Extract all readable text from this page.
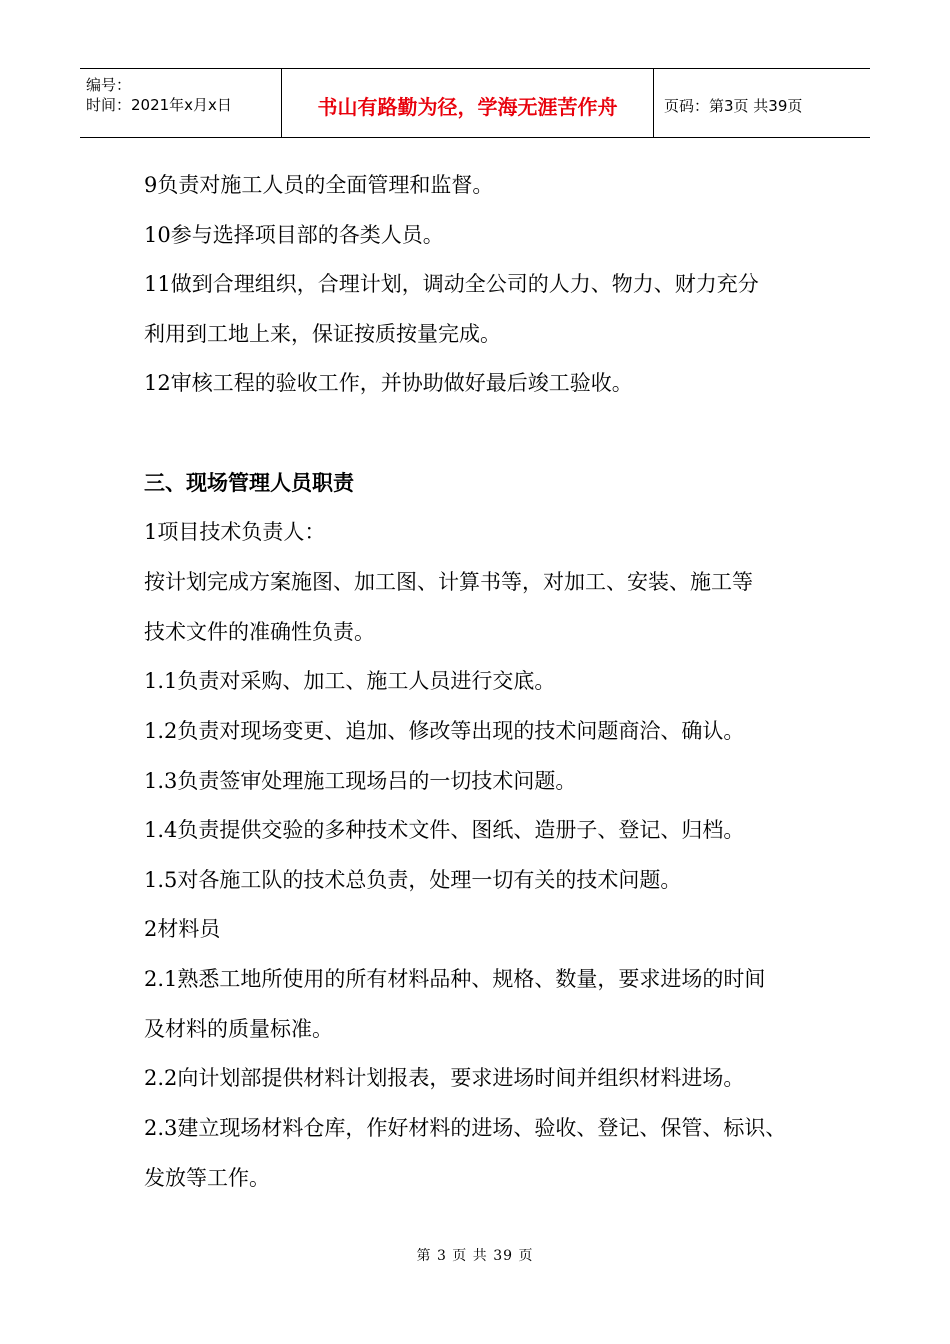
编号：
时间：2021年x月x日	书山有路勤为径，学海无涯苦作舟	页码：第3页 共39页
9负责对施工人员的全面管理和监督。
10参与选择项目部的各类人员。
11做到合理组织，合理计划，调动全公司的人力、物力、财力充分
利用到工地上来，保证按质按量完成。
12审核工程的验收工作，并协助做好最后竣工验收。
三、现场管理人员职责
1项目技术负责人：
按计划完成方案施图、加工图、计算书等，对加工、安装、施工等
技术文件的准确性负责。
1.1负责对采购、加工、施工人员进行交底。
1.2负责对现场变更、追加、修改等出现的技术问题商洽、确认。
1.3负责签审处理施工现场吕的一切技术问题。
1.4负责提供交验的多种技术文件、图纸、造册子、登记、归档。
1.5对各施工队的技术总负责，处理一切有关的技术问题。
2材料员
2.1熟悉工地所使用的所有材料品种、规格、数量，要求进场的时间
及材料的质量标准。
2.2向计划部提供材料计划报表，要求进场时间并组织材料进场。
2.3建立现场材料仓库，作好材料的进场、验收、登记、保管、标识、
发放等工作。
第 3 页 共 39 页
